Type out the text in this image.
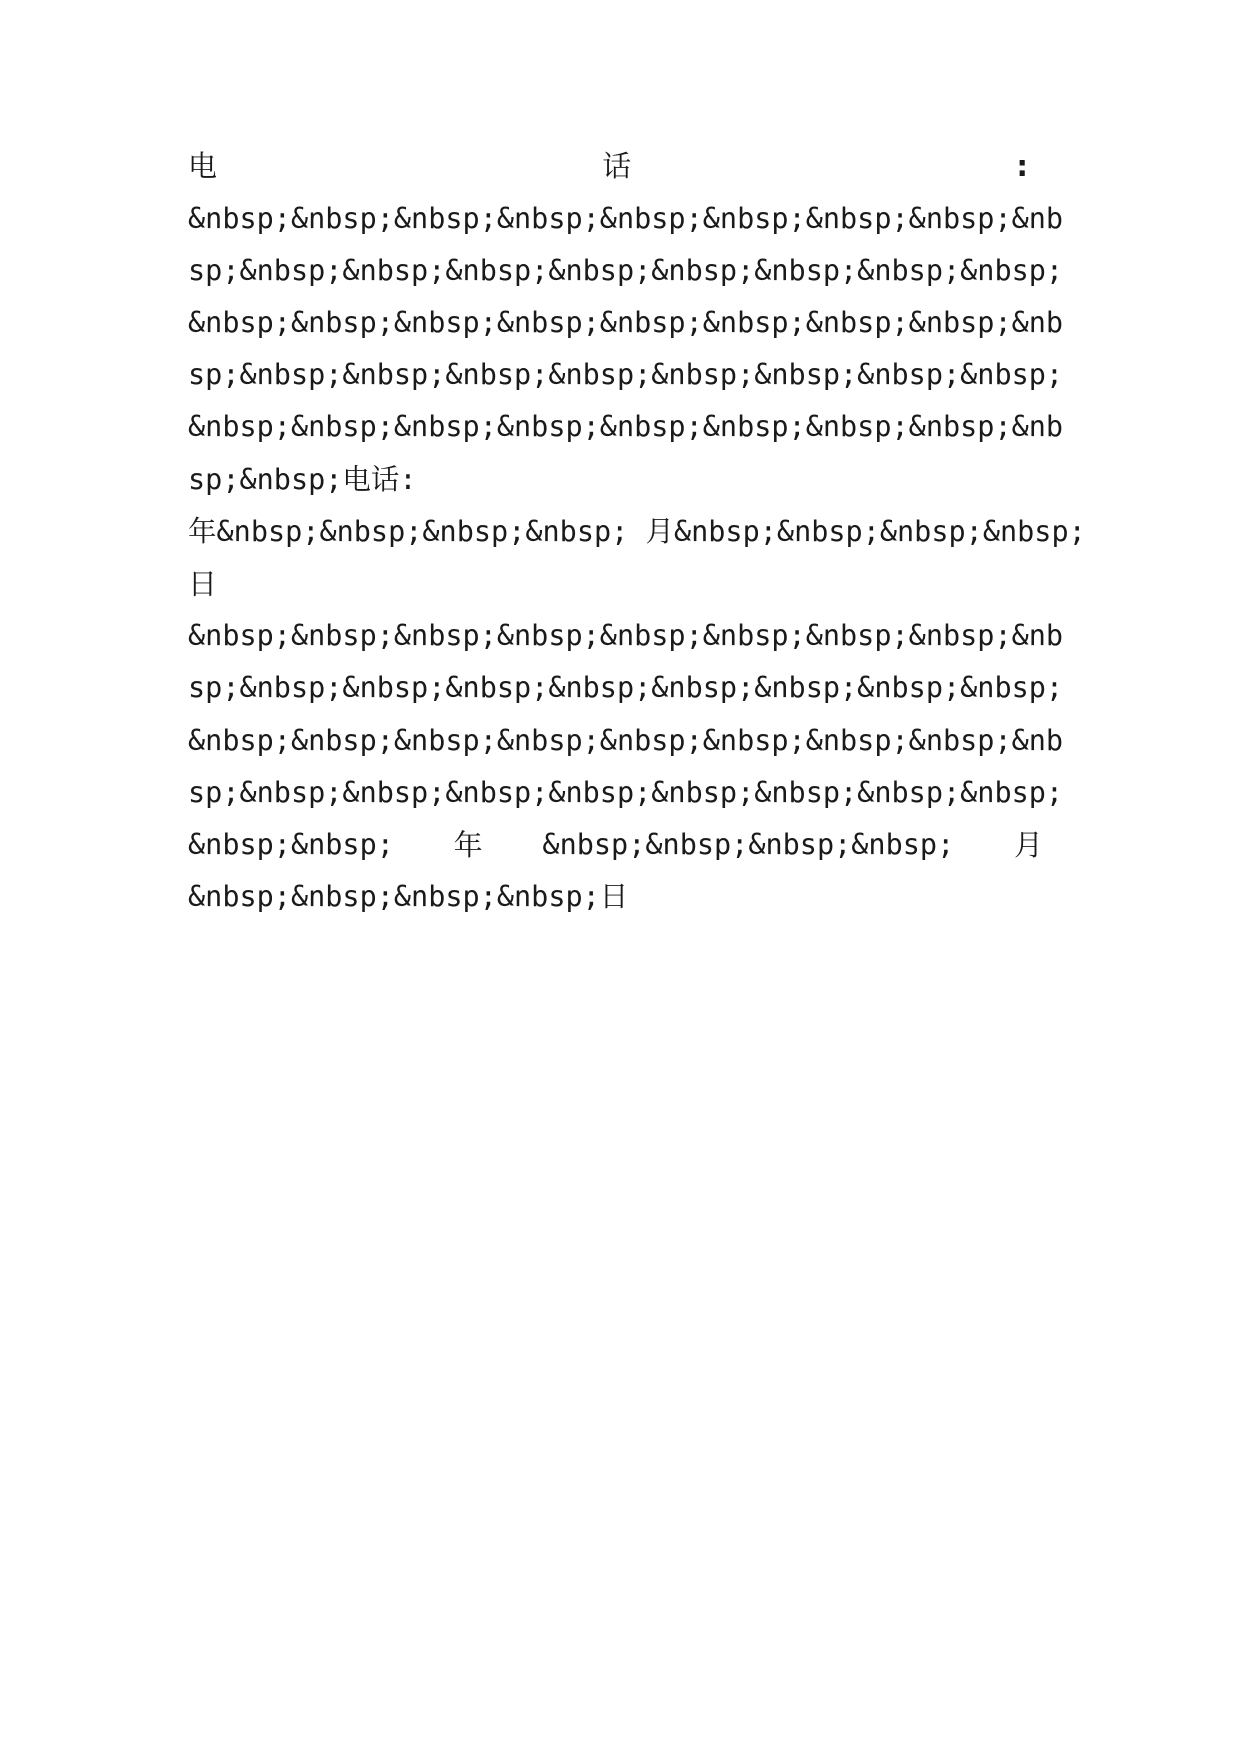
电	话	:
&nbsp;&nbsp;&nbsp;&nbsp;&nbsp;&nbsp;&nbsp;&nbsp;&nb
sp;&nbsp;&nbsp;&nbsp;&nbsp;&nbsp;&nbsp;&nbsp;&nbsp;
&nbsp;&nbsp;&nbsp;&nbsp;&nbsp;&nbsp;&nbsp;&nbsp;&nb
sp;&nbsp;&nbsp;&nbsp;&nbsp;&nbsp;&nbsp;&nbsp;&nbsp;
&nbsp;&nbsp;&nbsp;&nbsp;&nbsp;&nbsp;&nbsp;&nbsp;&nb
sp;&nbsp;电话:
年&nbsp;&nbsp;&nbsp;&nbsp; 月&nbsp;&nbsp;&nbsp;&nbsp;
日
&nbsp;&nbsp;&nbsp;&nbsp;&nbsp;&nbsp;&nbsp;&nbsp;&nb
sp;&nbsp;&nbsp;&nbsp;&nbsp;&nbsp;&nbsp;&nbsp;&nbsp;
&nbsp;&nbsp;&nbsp;&nbsp;&nbsp;&nbsp;&nbsp;&nbsp;&nb
sp;&nbsp;&nbsp;&nbsp;&nbsp;&nbsp;&nbsp;&nbsp;&nbsp;
&nbsp;&nbsp; 年 &nbsp;&nbsp;&nbsp;&nbsp; 月
&nbsp;&nbsp;&nbsp;&nbsp;日
